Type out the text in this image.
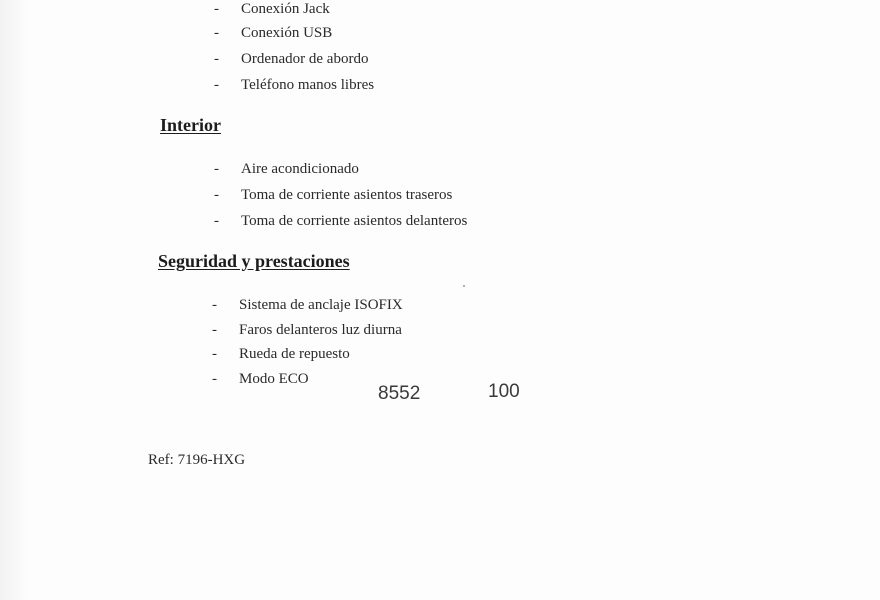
- Conexión Jack
- Conexión USB
- Ordenador de abordo
- Teléfono manos libres
Interior
- Aire acondicionado
- Toma de corriente asientos traseros
- Toma de corriente asientos delanteros
Seguridad y prestaciones
- Sistema de anclaje ISOFIX
- Faros delanteros luz diurna
- Rueda de repuesto
- Modo ECO
8552	100
Ref: 7196-HXG
